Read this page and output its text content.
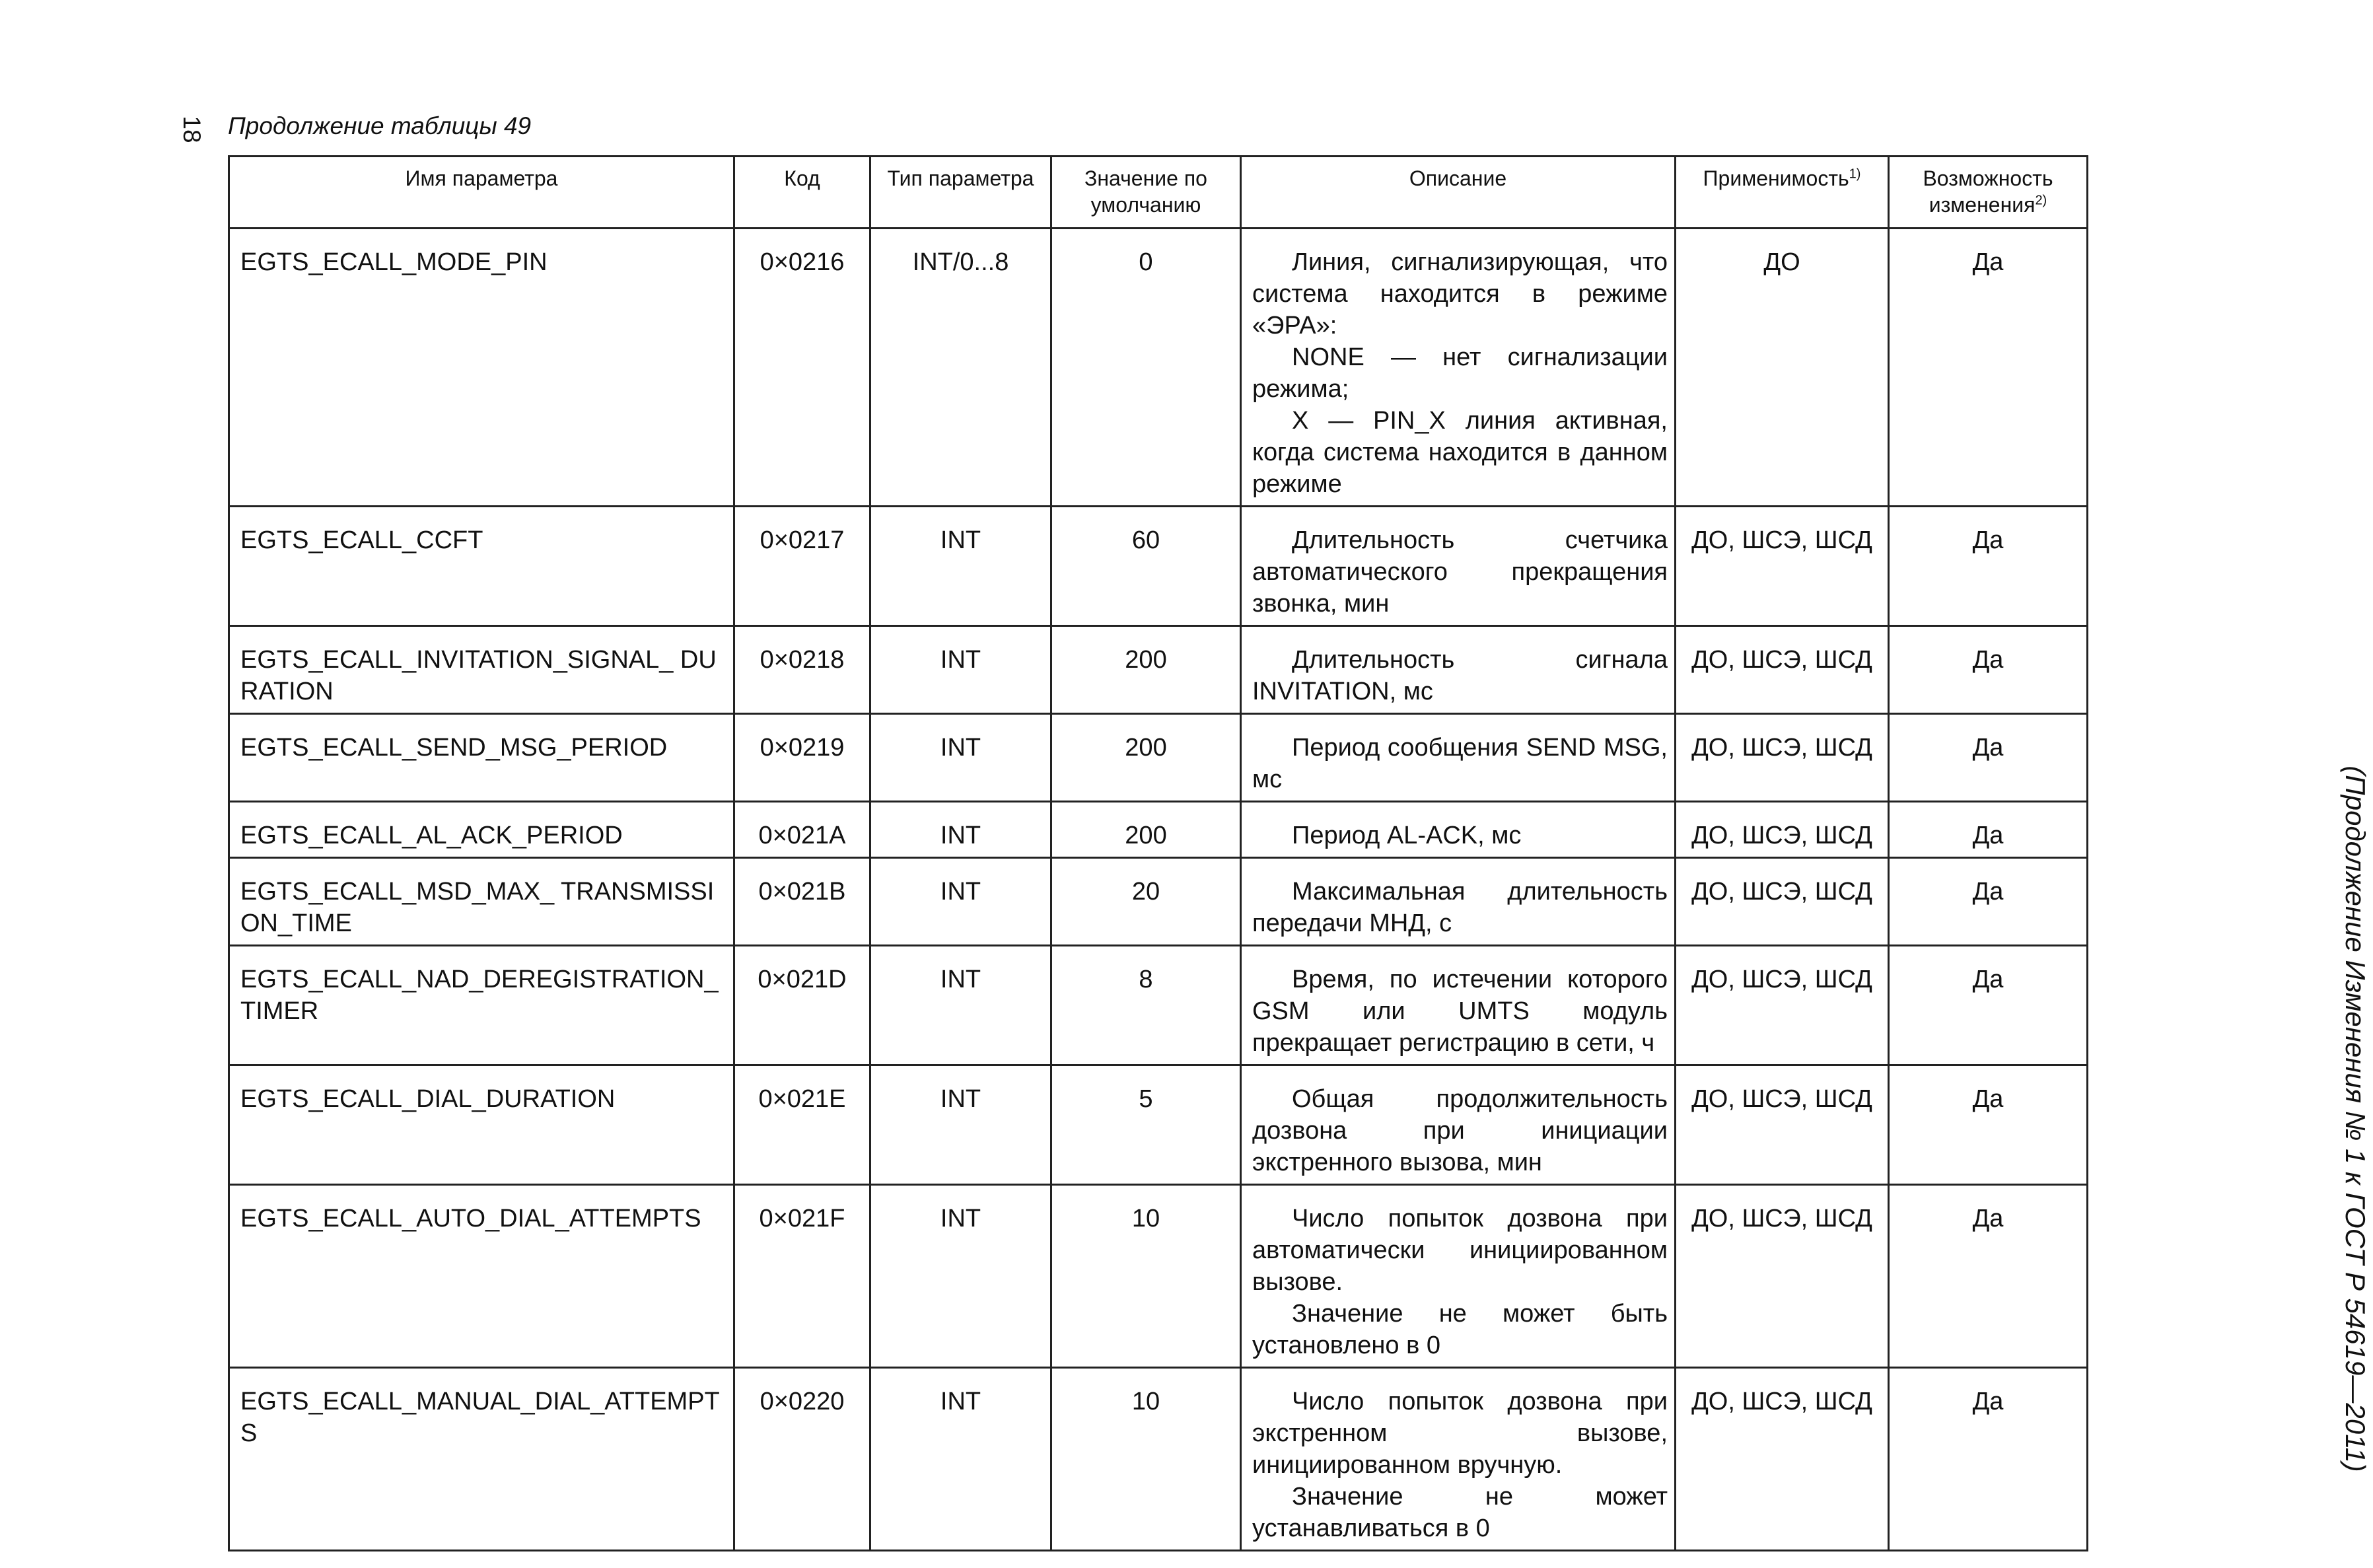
18 Продолжение таблицы 49
(Продолжение Изменения № 1 к ГОСТ Р 54619—2011)
Имя параметра	Код	Тип параметра	Значение по умолчанию	Описание	Применимость$^{1)}$	Возможность изменения$^{2)}$
EGTS_ECALL_MODE_PIN	0×0216	INT/0...8	0	Линия, сигнализирующая, что система находится в режиме «ЭРА»:

NONE — нет сигнализации режима;

X — PIN_X линия активная, когда система находится в данном режиме	ДО	Да
EGTS_ECALL_CCFT	0×0217	INT	60	Длительность счетчика автоматического прекращения звонка, мин	ДО, ШСЭ, ШСД	Да
EGTS_ECALL_INVITATION_SIGNAL_ DURATION	0×0218	INT	200	Длительность сигнала INVITATION, мс	ДО, ШСЭ, ШСД	Да
EGTS_ECALL_SEND_MSG_PERIOD	0×0219	INT	200	Период сообщения SEND MSG, мс	ДО, ШСЭ, ШСД	Да
EGTS_ECALL_AL_ACK_PERIOD	0×021A	INT	200	Период AL-ACK, мс	ДО, ШСЭ, ШСД	Да
EGTS_ECALL_MSD_MAX_ TRANSMISSION_TIME	0×021B	INT	20	Максимальная длительность передачи МНД, с	ДО, ШСЭ, ШСД	Да
EGTS_ECALL_NAD_DEREGISTRATION_ TIMER	0×021D	INT	8	Время, по истечении которого GSM или UMTS модуль прекращает регистрацию в сети, ч	ДО, ШСЭ, ШСД	Да
EGTS_ECALL_DIAL_DURATION	0×021E	INT	5	Общая продолжительность дозвона при инициации экстренного вызова, мин	ДО, ШСЭ, ШСД	Да
EGTS_ECALL_AUTO_DIAL_ATTEMPTS	0×021F	INT	10	Число попыток дозвона при автоматически инициированном вызове.

Значение не может быть установлено в 0	ДО, ШСЭ, ШСД	Да
EGTS_ECALL_MANUAL_DIAL_ATTEMPTS	0×0220	INT	10	Число попыток дозвона при экстренном вызове, инициированном вручную.

Значение не может устанавливаться в 0	ДО, ШСЭ, ШСД	Да
